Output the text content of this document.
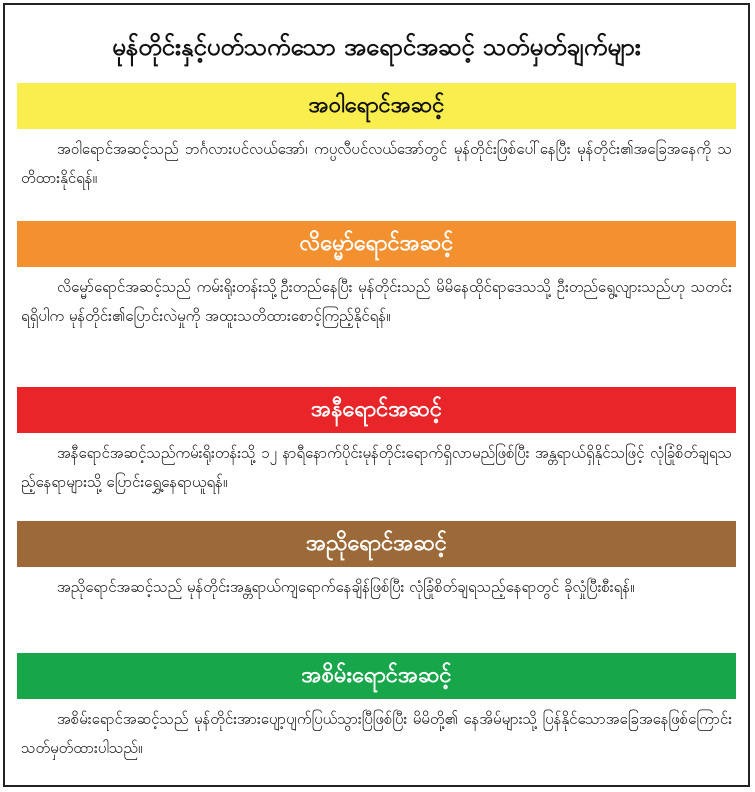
မုန်တိုင်းနှင့်ပတ်သက်သော အရောင်အဆင့် သတ်မှတ်ချက်များ
အဝါရောင်အဆင့်
အဝါရောင်အဆင့်သည် ဘင်္ဂလားပင်လယ်အော်၊ ကပ္ပလီပင်လယ်အော်တွင် မုန်တိုင်းဖြစ်ပေါ်နေပြီး မုန်တိုင်း၏အခြေအနေကို သတိထားနိုင်ရန်။
လိမ္မော်ရောင်အဆင့်
လိမ္မော်ရောင်အဆင့်သည် ကမ်းရိုးတန်းသို့ဦးတည်နေပြီး မုန်တိုင်းသည် မိမိနေထိုင်ရာဒေသသို့ ဦးတည်ရွေ့လျားသည်ဟု သတင်းရရှိပါက မုန်တိုင်း၏ပြောင်းလဲမှုကို အထူးသတိထားစောင့်ကြည့်နိုင်ရန်။
အနီရောင်အဆင့်
အနီရောင်အဆင့်သည်ကမ်းရိုးတန်းသို့ ၁၂ နာရီနောက်ပိုင်းမုန်တိုင်းရောက်ရှိလာမည်ဖြစ်ပြီး အန္တရာယ်ရှိနိုင်သဖြင့် လုံခြုံစိတ်ချရသည့်နေရာများသို့ ပြောင်းရွှေ့နေရာယူရန်။
အညိုရောင်အဆင့်
အညိုရောင်အဆင့်သည် မုန်တိုင်းအန္တရာယ်ကျရောက်နေချိန်ဖြစ်ပြီး လုံခြုံစိတ်ချရသည့်နေရာတွင် ခိုလှုံပြီးစီးရန်။
အစိမ်းရောင်အဆင့်
အစိမ်းရောင်အဆင့်သည် မုန်တိုင်းအားပျော့ပျက်ပြယ်သွားပြီဖြစ်ပြီး မိမိတို့၏ နေအိမ်များသို့ ပြန်နိုင်သောအခြေအနေဖြစ်ကြောင်း သတ်မှတ်ထားပါသည်။
